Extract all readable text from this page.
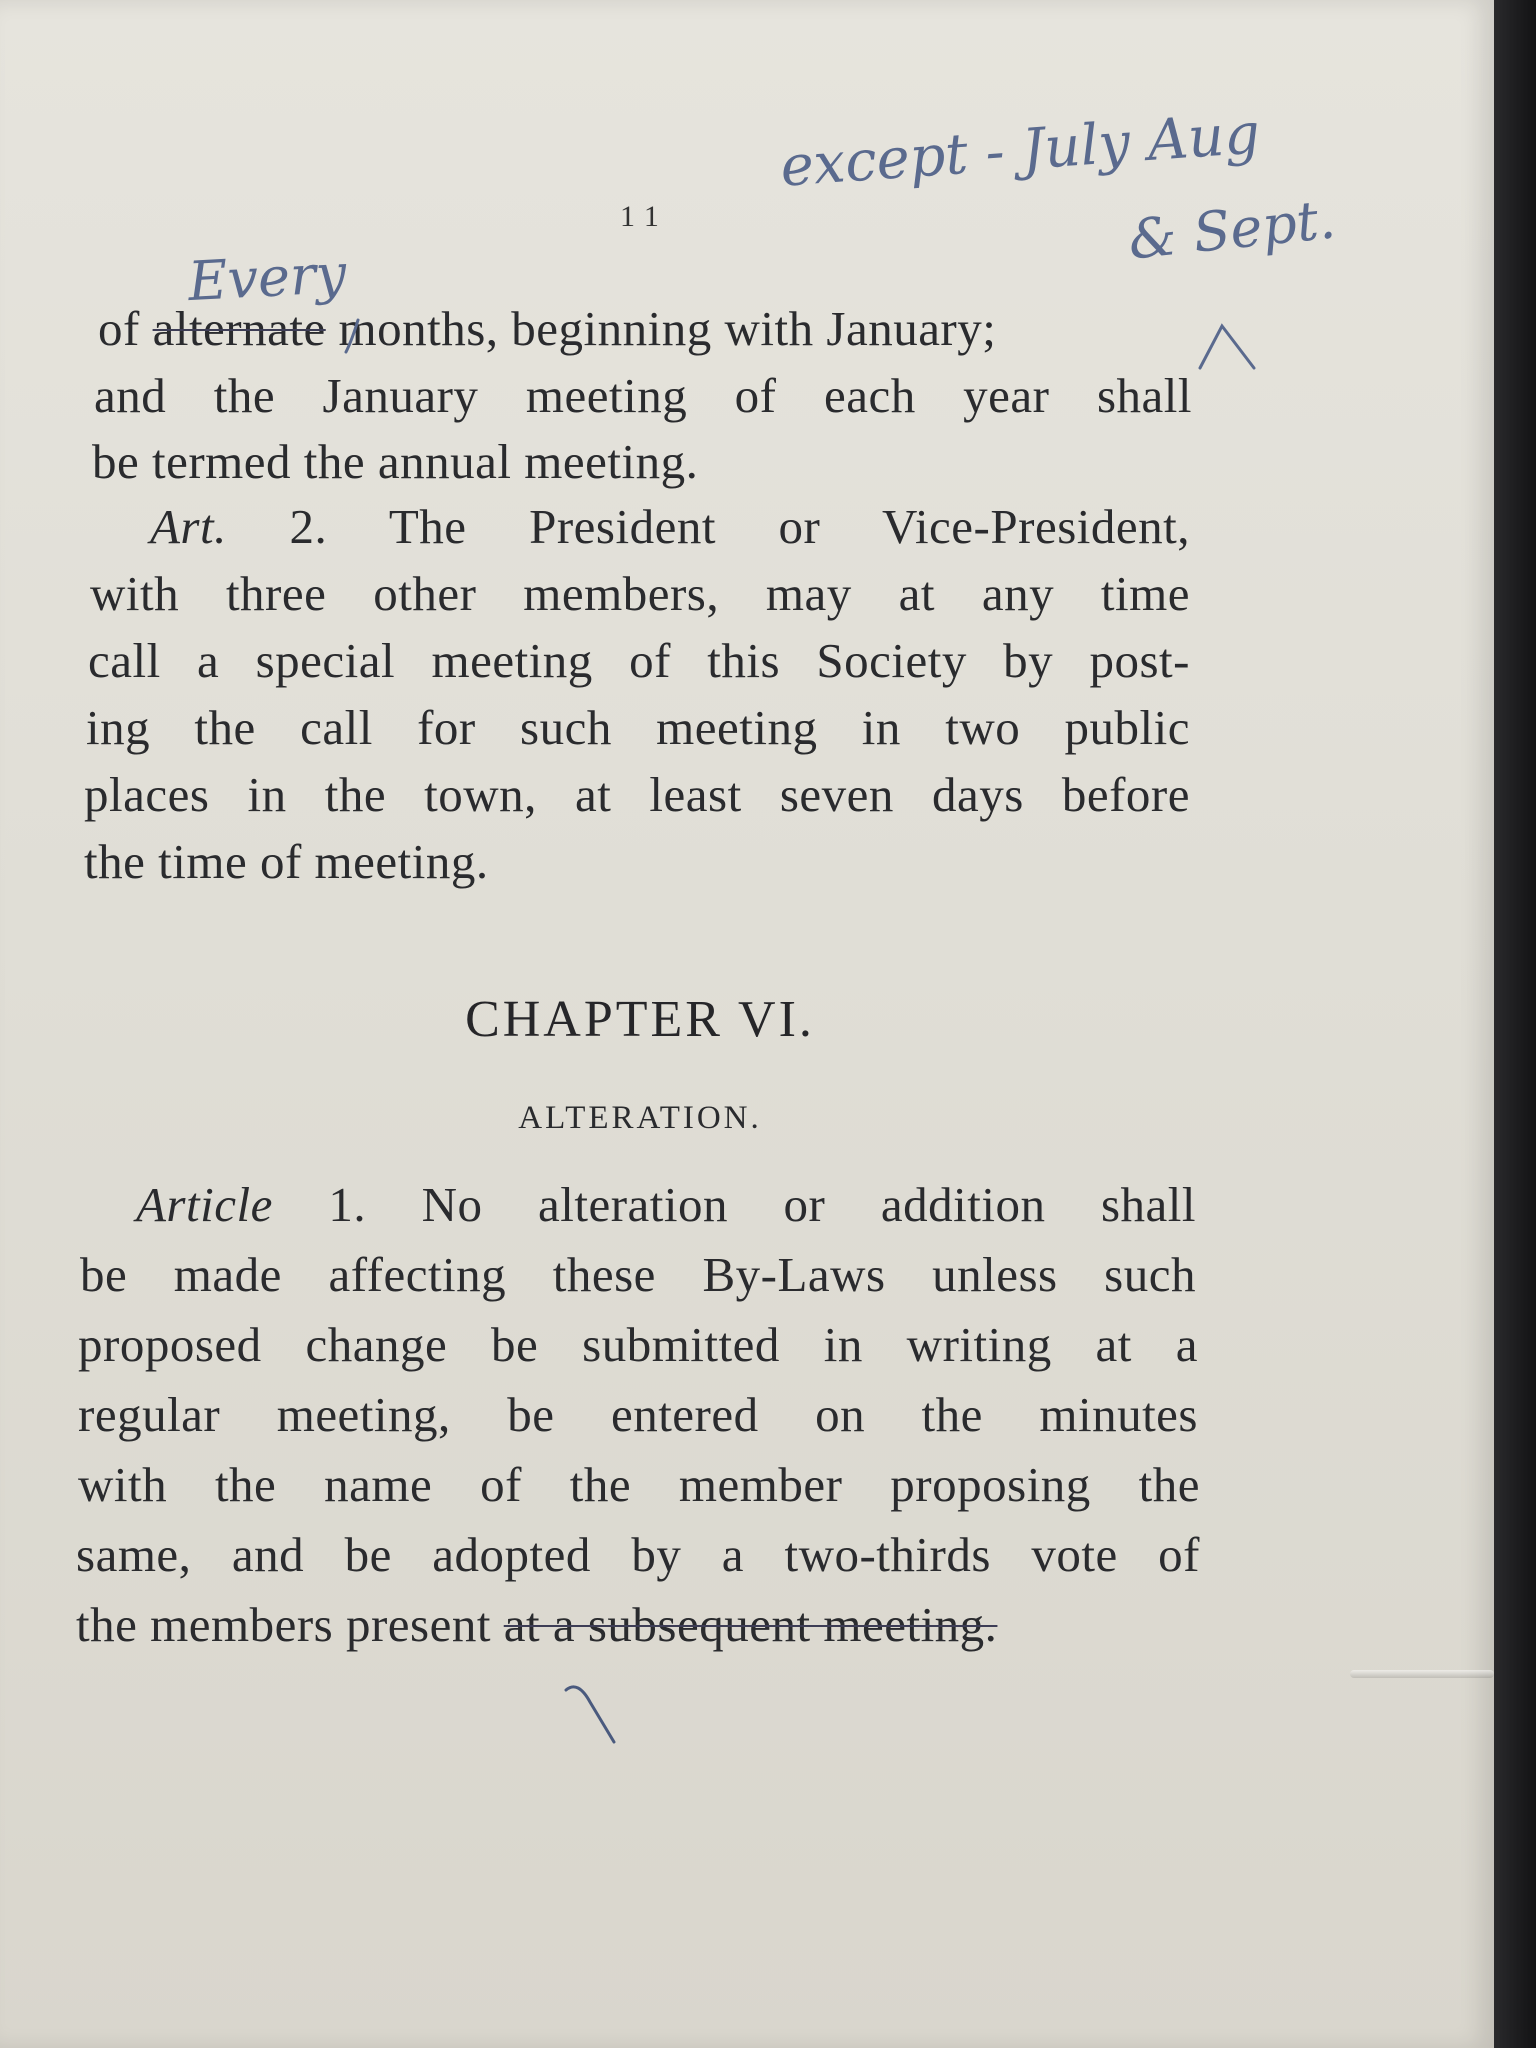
11
except - July Aug
& Sept.
Every

of alternate months, beginning with January;

and the January meeting of each year shall

be termed the annual meeting.

Art. 2. The President or Vice-President,

with three other members, may at any time

call a special meeting of this Society by post-

ing the call for such meeting in two public

places in the town, at least seven days before

the time of meeting.

CHAPTER VI.
ALTERATION.

Article 1. No alteration or addition shall

be made affecting these By-Laws unless such

proposed change be submitted in writing at a

regular meeting, be entered on the minutes

with the name of the member proposing the

same, and be adopted by a two-thirds vote of

the members present at a subsequent meeting.
